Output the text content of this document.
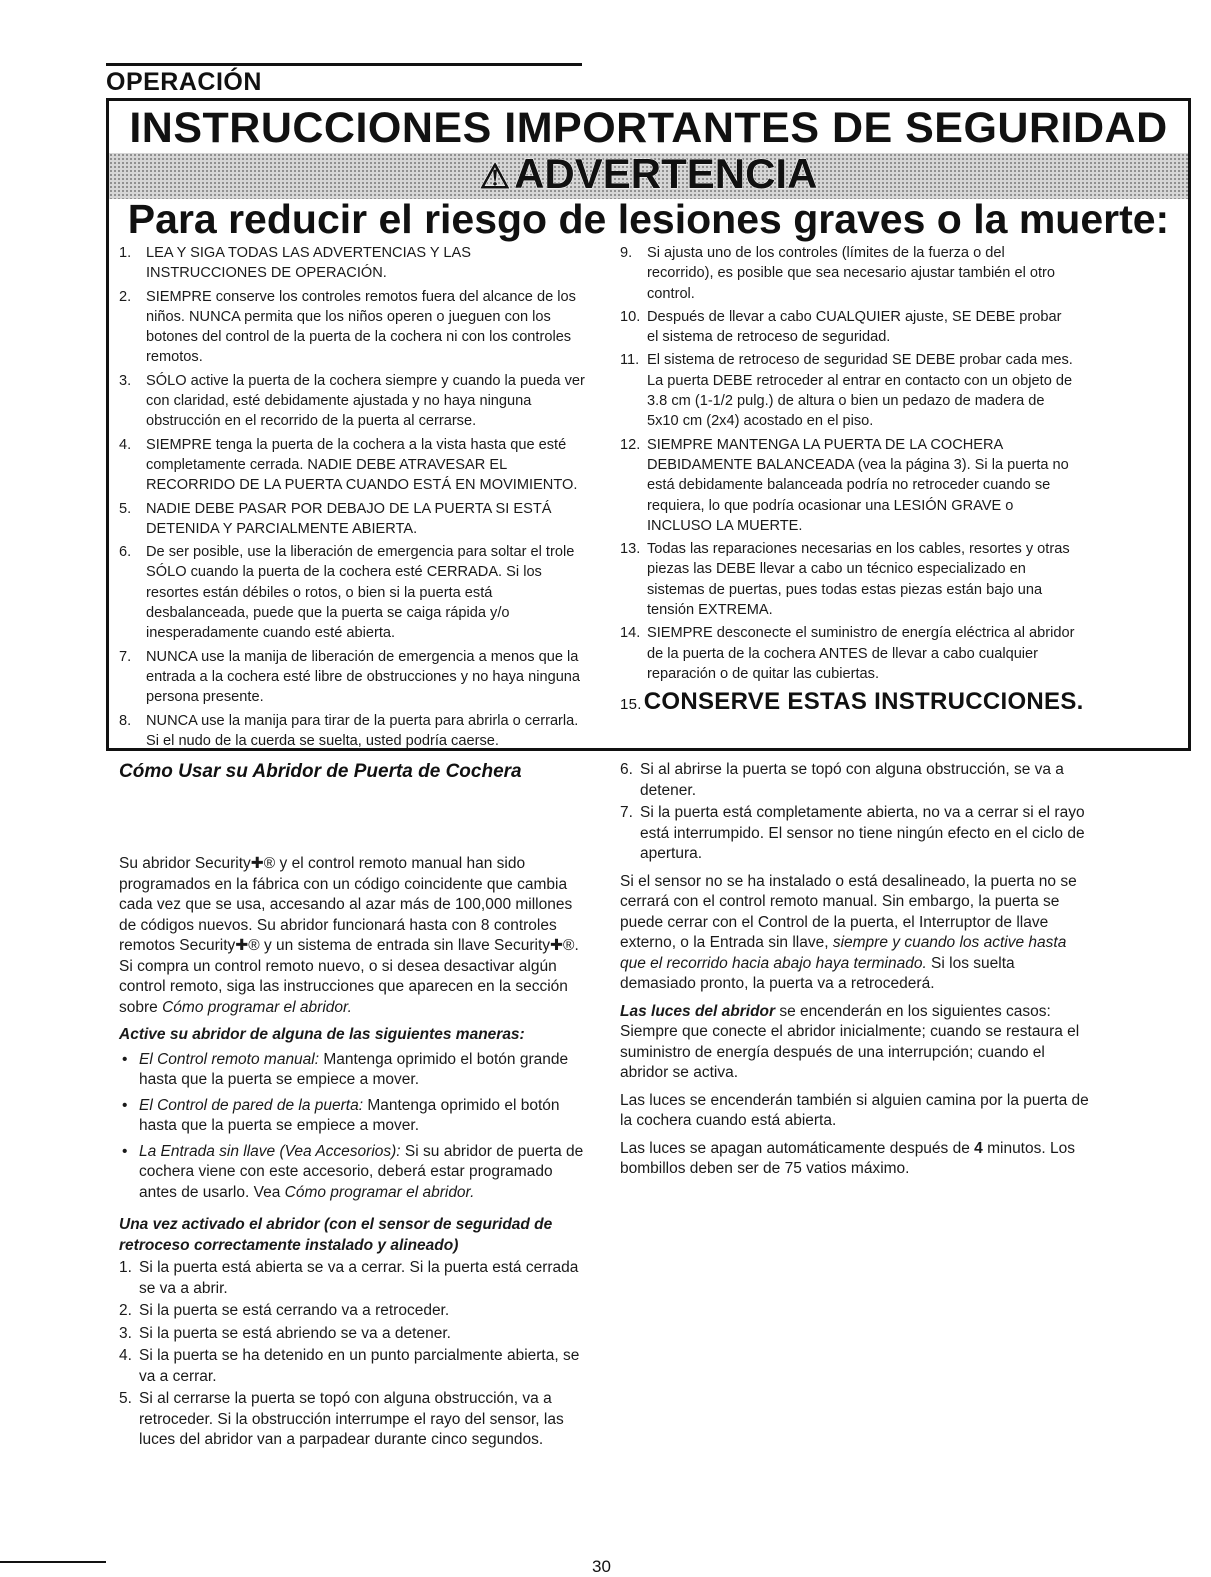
OPERACIÓN
INSTRUCCIONES IMPORTANTES DE SEGURIDAD
⚠ADVERTENCIA
Para reducir el riesgo de lesiones graves o la muerte:
1. LEA Y SIGA TODAS LAS ADVERTENCIAS Y LAS INSTRUCCIONES DE OPERACIÓN.
2. SIEMPRE conserve los controles remotos fuera del alcance de los niños. NUNCA permita que los niños operen o jueguen con los botones del control de la puerta de la cochera ni con los controles remotos.
3. SÓLO active la puerta de la cochera siempre y cuando la pueda ver con claridad, esté debidamente ajustada y no haya ninguna obstrucción en el recorrido de la puerta al cerrarse.
4. SIEMPRE tenga la puerta de la cochera a la vista hasta que esté completamente cerrada. NADIE DEBE ATRAVESAR EL RECORRIDO DE LA PUERTA CUANDO ESTÁ EN MOVIMIENTO.
5. NADIE DEBE PASAR POR DEBAJO DE LA PUERTA SI ESTÁ DETENIDA Y PARCIALMENTE ABIERTA.
6. De ser posible, use la liberación de emergencia para soltar el trole SÓLO cuando la puerta de la cochera esté CERRADA. Si los resortes están débiles o rotos, o bien si la puerta está desbalanceada, puede que la puerta se caiga rápida y/o inesperadamente cuando esté abierta.
7. NUNCA use la manija de liberación de emergencia a menos que la entrada a la cochera esté libre de obstrucciones y no haya ninguna persona presente.
8. NUNCA use la manija para tirar de la puerta para abrirla o cerrarla. Si el nudo de la cuerda se suelta, usted podría caerse.
9. Si ajusta uno de los controles (límites de la fuerza o del recorrido), es posible que sea necesario ajustar también el otro control.
10. Después de llevar a cabo CUALQUIER ajuste, SE DEBE probar el sistema de retroceso de seguridad.
11. El sistema de retroceso de seguridad SE DEBE probar cada mes. La puerta DEBE retroceder al entrar en contacto con un objeto de 3.8 cm (1-1/2 pulg.) de altura o bien un pedazo de madera de 5x10 cm (2x4) acostado en el piso.
12. SIEMPRE MANTENGA LA PUERTA DE LA COCHERA DEBIDAMENTE BALANCEADA (vea la página 3). Si la puerta no está debidamente balanceada podría no retroceder cuando se requiera, lo que podría ocasionar una LESIÓN GRAVE o INCLUSO LA MUERTE.
13. Todas las reparaciones necesarias en los cables, resortes y otras piezas las DEBE llevar a cabo un técnico especializado en sistemas de puertas, pues todas estas piezas están bajo una tensión EXTREMA.
14. SIEMPRE desconecte el suministro de energía eléctrica al abridor de la puerta de la cochera ANTES de llevar a cabo cualquier reparación o de quitar las cubiertas.
15.CONSERVE ESTAS INSTRUCCIONES.
Cómo Usar su Abridor de Puerta de Cochera

Su abridor Security✚® y el control remoto manual han sido programados en la fábrica con un código coincidente que cambia cada vez que se usa, accesando al azar más de 100,000 millones de códigos nuevos. Su abridor funcionará hasta con 8 controles remotos Security✚® y un sistema de entrada sin llave Security✚®. Si compra un control remoto nuevo, o si desea desactivar algún control remoto, siga las instrucciones que aparecen en la sección sobre Cómo programar el abridor.

Active su abridor de alguna de las siguientes maneras:

• El Control remoto manual: Mantenga oprimido el botón grande hasta que la puerta se empiece a mover.
• El Control de pared de la puerta: Mantenga oprimido el botón hasta que la puerta se empiece a mover.
• La Entrada sin llave (Vea Accesorios): Si su abridor de puerta de cochera viene con este accesorio, deberá estar programado antes de usarlo. Vea Cómo programar el abridor.

Una vez activado el abridor (con el sensor de seguridad de retroceso correctamente instalado y alineado)

1. Si la puerta está abierta se va a cerrar. Si la puerta está cerrada se va a abrir.
2. Si la puerta se está cerrando va a retroceder.
3. Si la puerta se está abriendo se va a detener.
4. Si la puerta se ha detenido en un punto parcialmente abierta, se va a cerrar.
5. Si al cerrarse la puerta se topó con alguna obstrucción, va a retroceder. Si la obstrucción interrumpe el rayo del sensor, las luces del abridor van a parpadear durante cinco segundos.
6. Si al abrirse la puerta se topó con alguna obstrucción, se va a detener.
7. Si la puerta está completamente abierta, no va a cerrar si el rayo está interrumpido. El sensor no tiene ningún efecto en el ciclo de apertura.

Si el sensor no se ha instalado o está desalineado, la puerta no se cerrará con el control remoto manual. Sin embargo, la puerta se puede cerrar con el Control de la puerta, el Interruptor de llave externo, o la Entrada sin llave, siempre y cuando los active hasta que el recorrido hacia abajo haya terminado. Si los suelta demasiado pronto, la puerta va a retrocederá.

Las luces del abridor se encenderán en los siguientes casos: Siempre que conecte el abridor inicialmente; cuando se restaura el suministro de energía después de una interrupción; cuando el abridor se activa.

Las luces se encenderán también si alguien camina por la puerta de la cochera cuando está abierta.

Las luces se apagan automáticamente después de 4 minutos. Los bombillos deben ser de 75 vatios máximo.

30
